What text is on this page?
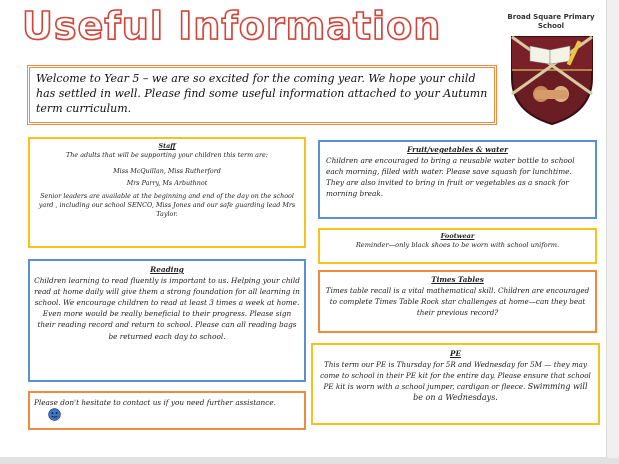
Useful Information	Broad Square Primary
School
Welcome to Year 5 – we are so excited for the coming year. We hope your child has settled in well. Please find some useful information attached to your Autumn term curriculum.
Staff

The adults that will be supporting your children this term are:

Miss McQuillan, Miss Rutherford

Mrs Parry, Ms Arbuthnot

Senior leaders are available at the beginning and end of the day on the school yard , including our school SENCO, Miss Jones and our safe guarding lead Mrs Taylor.

Fruit/vegetables & water
Children are encouraged to bring a reusable water bottle to school each morning, filled with water. Please save squash for lunchtime. They are also invited to bring in fruit or vegetables as a snack for morning break.
Footwear
Reminder—only black shoes to be worn with school uniform.
Reading
Children learning to read fluently is important to us. Helping your child read at home daily will give them a strong foundation for all learning in school. We encourage children to read at least 3 times a week at home. Even more would be really beneficial to their progress. Please sign their reading record and return to school. Please can all reading bags be returned each day to school.
Times Tables
Times table recall is a vital mathematical skill. Children are encouraged to complete Times Table Rock star challenges at home—can they beat their previous record?
PE
This term our PE is Thursday for 5R and Wednesday for 5M — they may come to school in their PE kit for the entire day. Please ensure that school PE kit is worn with a school jumper, cardigan or fleece. Swimming will be on a Wednesdays.
Please don't hesitate to contact us if you need further assistance.
